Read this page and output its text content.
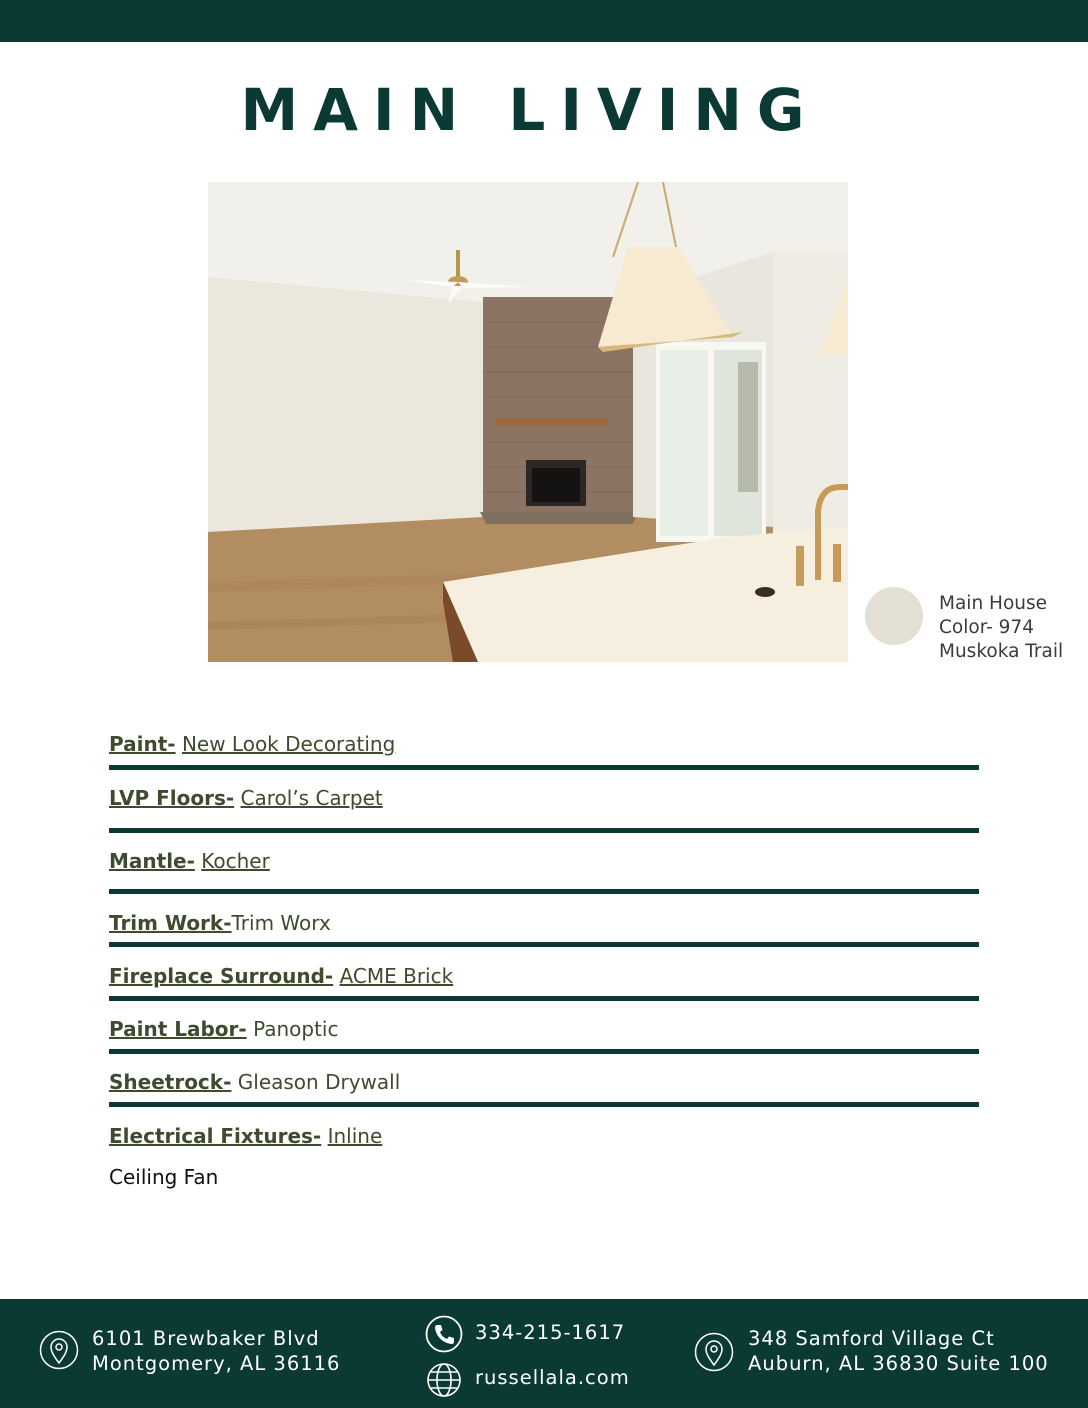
MAIN LIVING
Main House
Color- 974
Muskoka Trail
Paint- New Look Decorating
LVP Floors- Carol’s Carpet
Mantle- Kocher
Trim Work-Trim Worx
Fireplace Surround- ACME Brick
Paint Labor- Panoptic
Sheetrock- Gleason Drywall
Electrical Fixtures- Inline
Ceiling Fan
6101 Brewbaker Blvd
Montgomery, AL 36116
334-215-1617
russellala.com
348 Samford Village Ct
Auburn, AL 36830 Suite 100
